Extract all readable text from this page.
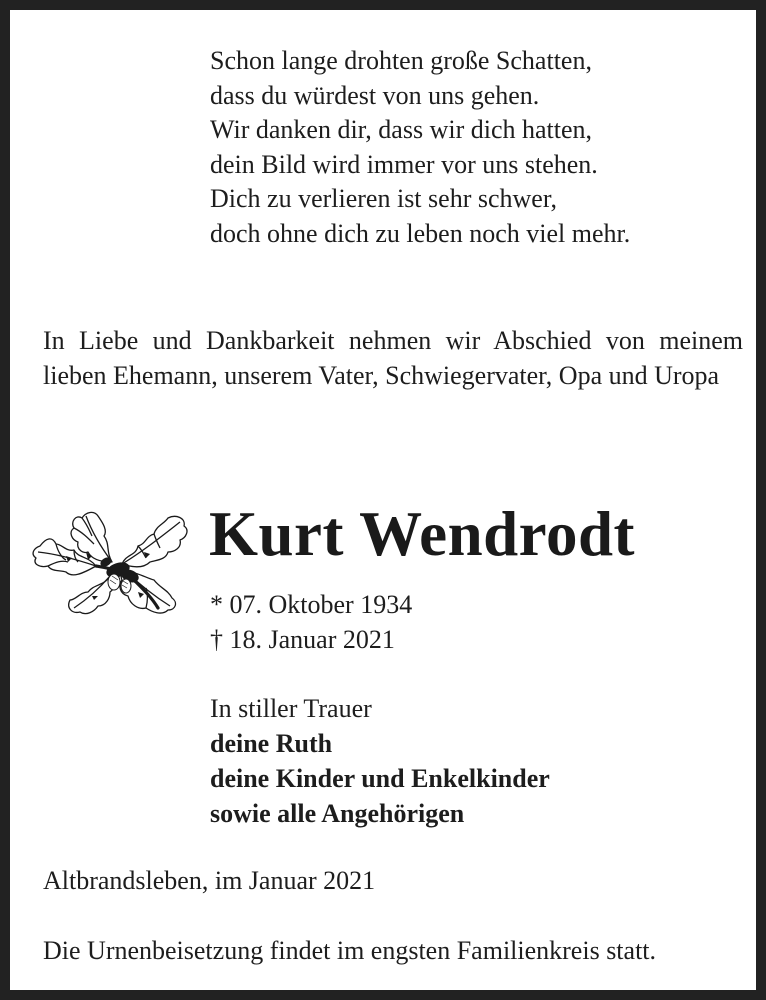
Schon lange drohten große Schatten,
dass du würdest von uns gehen.
Wir danken dir, dass wir dich hatten,
dein Bild wird immer vor uns stehen.
Dich zu verlieren ist sehr schwer,
doch ohne dich zu leben noch viel mehr.

In Liebe und Dankbarkeit nehmen wir Abschied von meinem lieben Ehemann, unserem Vater, Schwiegervater, Opa und Uropa

Kurt Wendrodt
* 07. Oktober 1934
† 18. Januar 2021
In stiller Trauer
deine Ruth
deine Kinder und Enkelkinder
sowie alle Angehörigen
Altbrandsleben, im Januar 2021
Die Urnenbeisetzung findet im engsten Familienkreis statt.
